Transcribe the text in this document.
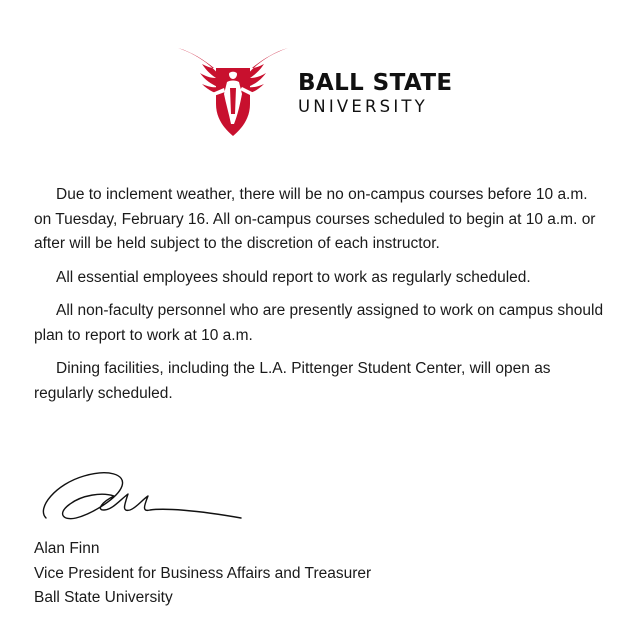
BALL STATE
UNIVERSITY

Due to inclement weather, there will be no on-campus courses before 10 a.m. on Tuesday, February 16. All on-campus courses scheduled to begin at 10 a.m. or after will be held subject to the discretion of each instructor.

All essential employees should report to work as regularly scheduled.

All non-faculty personnel who are presently assigned to work on campus should plan to report to work at 10 a.m.

Dining facilities, including the L.A. Pittenger Student Center, will open as regularly scheduled.

Alan Finn
Vice President for Business Affairs and Treasurer
Ball State University
